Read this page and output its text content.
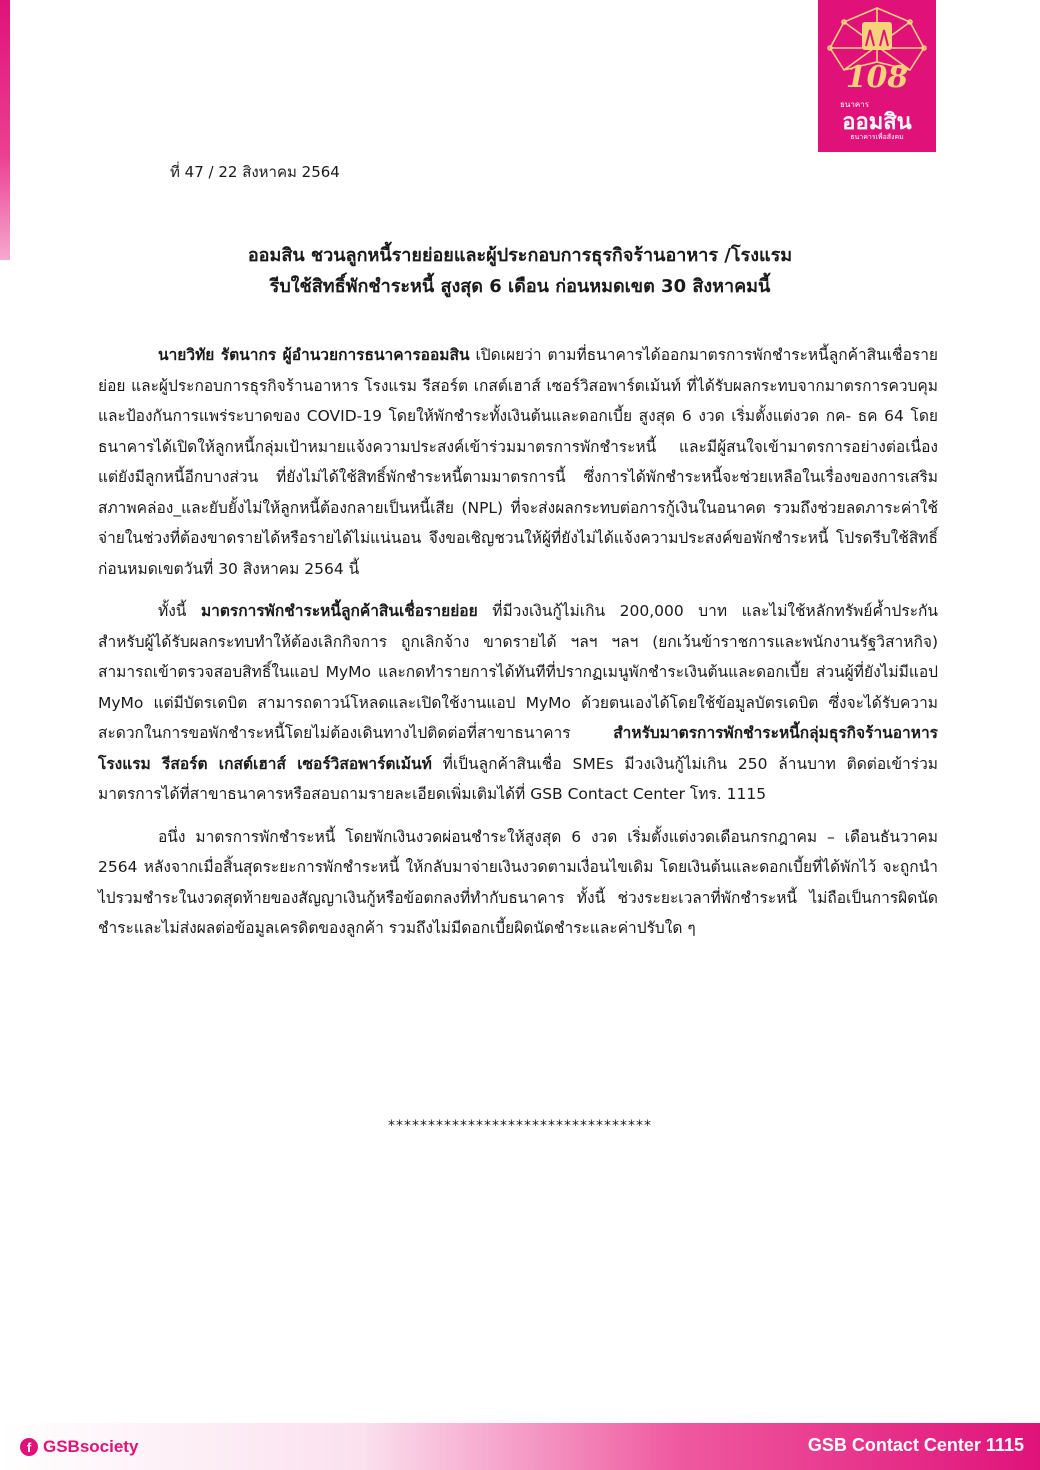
108
ธนาคาร
ออมสิน
ธนาคารเพื่อสังคม
ที่ 47 / 22 สิงหาคม 2564
ออมสิน ชวนลูกหนี้รายย่อยและผู้ประกอบการธุรกิจร้านอาหาร /โรงแรม
รีบใช้สิทธิ์พักชำระหนี้ สูงสุด 6 เดือน ก่อนหมดเขต 30 สิงหาคมนี้

นายวิทัย รัตนากร ผู้อำนวยการธนาคารออมสิน เปิดเผยว่า ตามที่ธนาคารได้ออกมาตรการพักชำระหนี้ลูกค้าสินเชื่อรายย่อย และผู้ประกอบการธุรกิจร้านอาหาร โรงแรม รีสอร์ต เกสต์เฮาส์ เซอร์วิสอพาร์ตเม้นท์ ที่ได้รับผลกระทบจากมาตรการควบคุมและป้องกันการแพร่ระบาดของ COVID-19 โดยให้พักชำระทั้งเงินต้นและดอกเบี้ย สูงสุด 6 งวด เริ่มตั้งแต่งวด กค- ธค 64 โดยธนาคารได้เปิดให้ลูกหนี้กลุ่มเป้าหมายแจ้งความประสงค์เข้าร่วมมาตรการพักชำระหนี้ และมีผู้สนใจเข้ามาตรการอย่างต่อเนื่อง แต่ยังมีลูกหนี้อีกบางส่วน ที่ยังไม่ได้ใช้สิทธิ์พักชำระหนี้ตามมาตรการนี้ ซึ่งการได้พักชำระหนี้จะช่วยเหลือในเรื่องของการเสริมสภาพคล่อง_และยับยั้งไม่ให้ลูกหนี้ต้องกลายเป็นหนี้เสีย (NPL) ที่จะส่งผลกระทบต่อการกู้เงินในอนาคต รวมถึงช่วยลดภาระค่าใช้จ่ายในช่วงที่ต้องขาดรายได้หรือรายได้ไม่แน่นอน จึงขอเชิญชวนให้ผู้ที่ยังไม่ได้แจ้งความประสงค์ขอพักชำระหนี้ โปรดรีบใช้สิทธิ์ ก่อนหมดเขตวันที่ 30 สิงหาคม 2564 นี้

ทั้งนี้ มาตรการพักชำระหนี้ลูกค้าสินเชื่อรายย่อย ที่มีวงเงินกู้ไม่เกิน 200,000 บาท และไม่ใช้หลักทรัพย์ค้ำประกัน สำหรับผู้ได้รับผลกระทบทำให้ต้องเลิกกิจการ ถูกเลิกจ้าง ขาดรายได้ ฯลฯ ฯลฯ (ยกเว้นข้าราชการและพนักงานรัฐวิสาหกิจ) สามารถเข้าตรวจสอบสิทธิ์ในแอป MyMo และกดทำรายการได้ทันทีที่ปรากฏเมนูพักชำระเงินต้นและดอกเบี้ย ส่วนผู้ที่ยังไม่มีแอป MyMo แต่มีบัตรเดบิต สามารถดาวน์โหลดและเปิดใช้งานแอป MyMo ด้วยตนเองได้โดยใช้ข้อมูลบัตรเดบิต ซึ่งจะได้รับความสะดวกในการขอพักชำระหนี้โดยไม่ต้องเดินทางไปติดต่อที่สาขาธนาคาร สำหรับมาตรการพักชำระหนี้กลุ่มธุรกิจร้านอาหาร โรงแรม รีสอร์ต เกสต์เฮาส์ เซอร์วิสอพาร์ตเม้นท์ ที่เป็นลูกค้าสินเชื่อ SMEs มีวงเงินกู้ไม่เกิน 250 ล้านบาท ติดต่อเข้าร่วมมาตรการได้ที่สาขาธนาคารหรือสอบถามรายละเอียดเพิ่มเติมได้ที่ GSB Contact Center โทร. 1115

อนึ่ง มาตรการพักชำระหนี้ โดยพักเงินงวดผ่อนชำระให้สูงสุด 6 งวด เริ่มตั้งแต่งวดเดือนกรกฎาคม – เดือนธันวาคม 2564 หลังจากเมื่อสิ้นสุดระยะการพักชำระหนี้ ให้กลับมาจ่ายเงินงวดตามเงื่อนไขเดิม โดยเงินต้นและดอกเบี้ยที่ได้พักไว้ จะถูกนำไปรวมชำระในงวดสุดท้ายของสัญญาเงินกู้หรือข้อตกลงที่ทำกับธนาคาร ทั้งนี้ ช่วงระยะเวลาที่พักชำระหนี้ ไม่ถือเป็นการผิดนัดชำระและไม่ส่งผลต่อข้อมูลเครดิตของลูกค้า รวมถึงไม่มีดอกเบี้ยผิดนัดชำระและค่าปรับใด ๆ

*********************************
f GSBsociety	GSB Contact Center 1115
